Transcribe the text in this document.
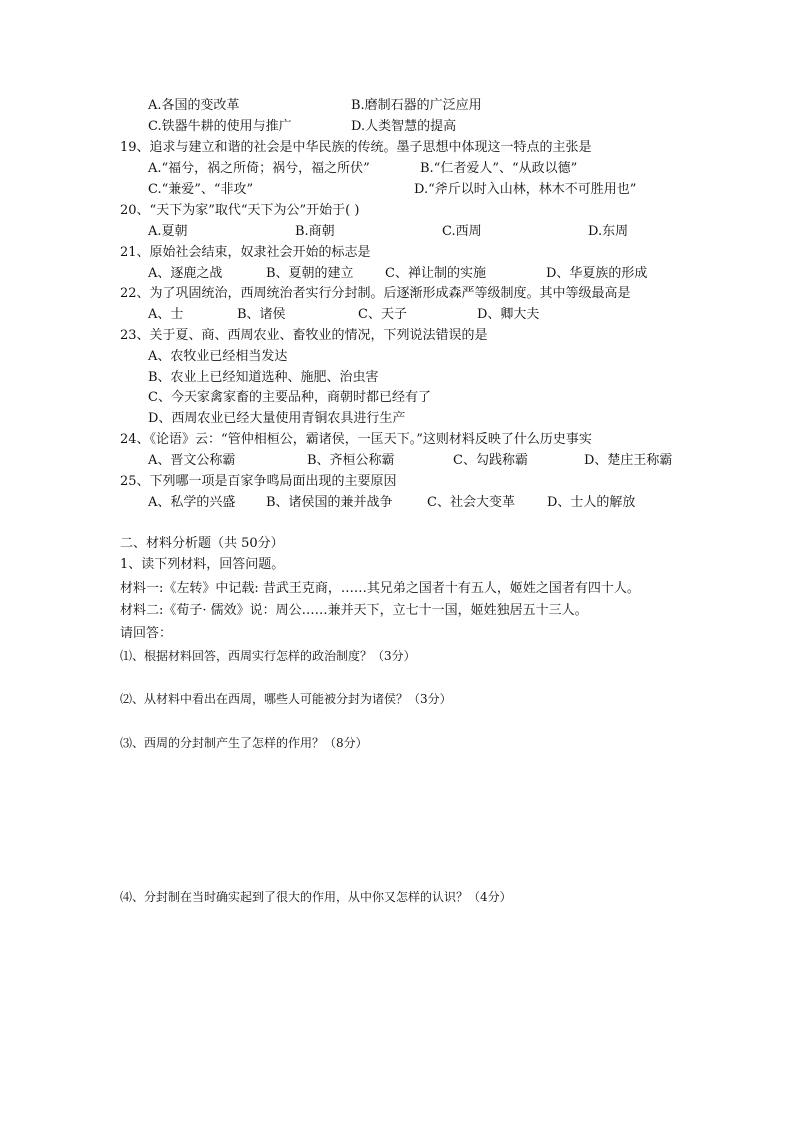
A.各国的变改革	B.磨制石器的广泛应用
C.铁器牛耕的使用与推广	D.人类智慧的提高
19、追求与建立和谐的社会是中华民族的传统。墨子思想中体现这一特点的主张是
A.“福兮，祸之所倚；祸兮，福之所伏”	B.“仁者爱人”、“从政以德”
C.“兼爱”、“非攻”	D.“斧斤以时入山林，林木不可胜用也”
20、“天下为家”取代“天下为公”开始于( )
A.夏朝	B.商朝	C.西周	D.东周
21、原始社会结束，奴隶社会开始的标志是
A、逐鹿之战	B、夏朝的建立 C、禅让制的实施	D、华夏族的形成
22、为了巩固统治，西周统治者实行分封制。后逐渐形成森严等级制度。其中等级最高是
A、士	B、诸侯	C、天子	D、卿大夫
23、关于夏、商、西周农业、畜牧业的情况，下列说法错误的是
A、农牧业已经相当发达
B、农业上已经知道选种、施肥、治虫害
C、今天家禽家畜的主要品种，商朝时都已经有了
D、西周农业已经大量使用青铜农具进行生产
24、《论语》云：“管仲相桓公，霸诸侯，一匡天下。”这则材料反映了什么历史事实
A、晋文公称霸	B、齐桓公称霸	C、勾践称霸	D、楚庄王称霸
25、下列哪一项是百家争鸣局面出现的主要原因
A、私学的兴盛 B、诸侯国的兼并战争	C、社会大变革 D、士人的解放
二、材料分析题（共 50分）
1、读下列材料，回答问题。
材料一:《左转》中记载: 昔武王克商，……其兄弟之国者十有五人，姬姓之国者有四十人。
材料二:《荀子· 儒效》说：周公……兼并天下，立七十一国，姬姓独居五十三人。
请回答：
⑴、根据材料回答，西周实行怎样的政治制度？（3分）
⑵、从材料中看出在西周，哪些人可能被分封为诸侯？（3分）
⑶、西周的分封制产生了怎样的作用？（8分）
⑷、分封制在当时确实起到了很大的作用，从中你又怎样的认识？（4分）
